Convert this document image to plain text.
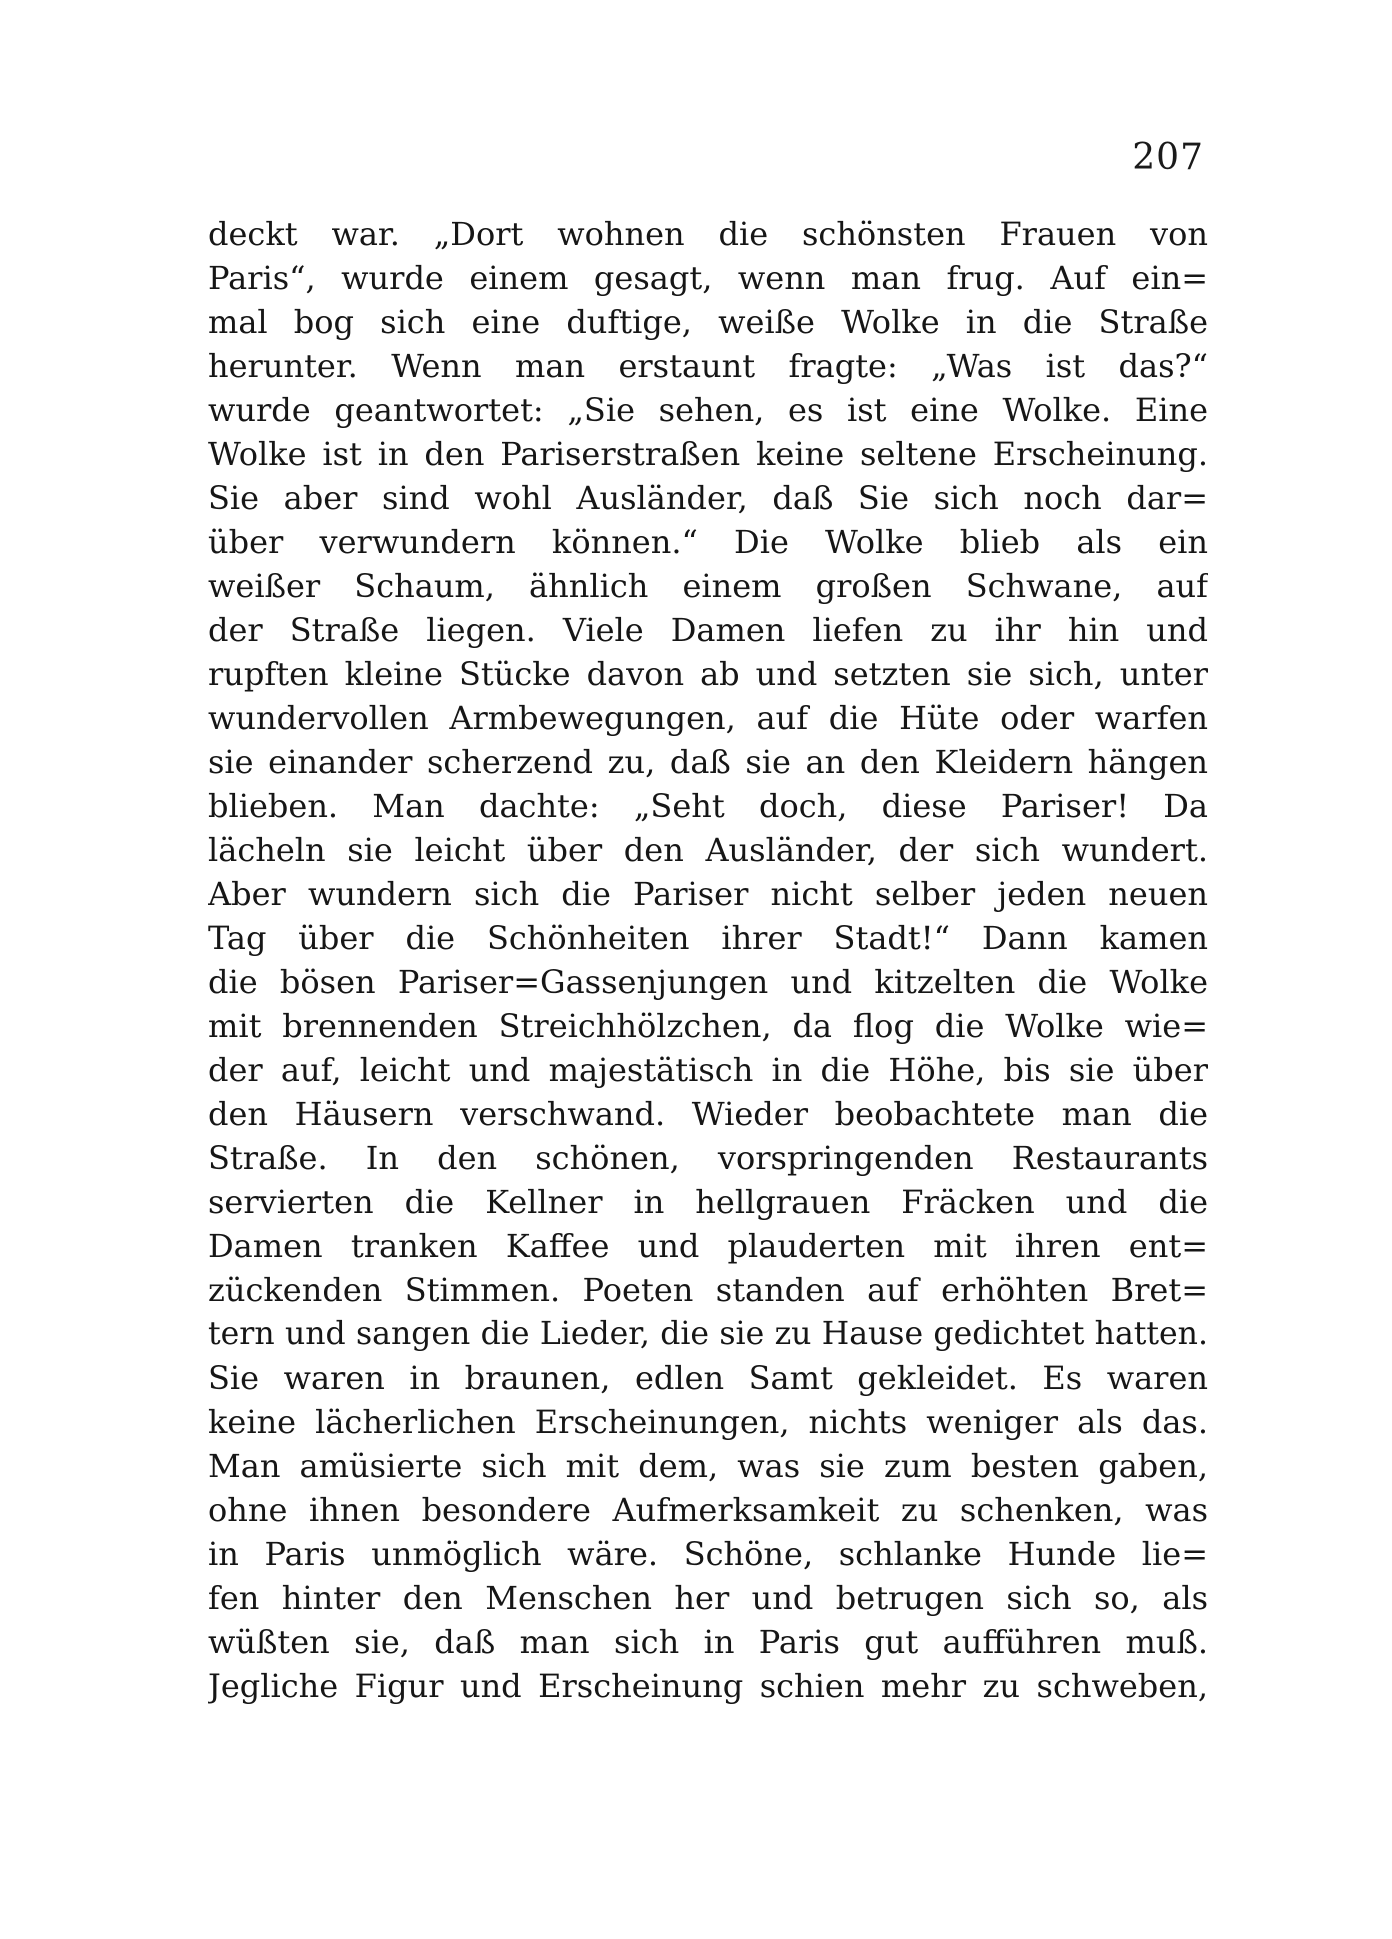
207
deckt war. „Dort wohnen die schönsten Frauen von
Paris“, wurde einem gesagt, wenn man frug. Auf ein=
mal bog sich eine duftige, weiße Wolke in die Straße
herunter. Wenn man erstaunt fragte: „Was ist das?“
wurde geantwortet: „Sie sehen, es ist eine Wolke. Eine
Wolke ist in den Pariserstraßen keine seltene Erscheinung.
Sie aber sind wohl Ausländer, daß Sie sich noch dar=
über verwundern können.“ Die Wolke blieb als ein
weißer Schaum, ähnlich einem großen Schwane, auf
der Straße liegen. Viele Damen liefen zu ihr hin und
rupften kleine Stücke davon ab und setzten sie sich, unter
wundervollen Armbewegungen, auf die Hüte oder warfen
sie einander scherzend zu, daß sie an den Kleidern hängen
blieben. Man dachte: „Seht doch, diese Pariser! Da
lächeln sie leicht über den Ausländer, der sich wundert.
Aber wundern sich die Pariser nicht selber jeden neuen
Tag über die Schönheiten ihrer Stadt!“ Dann kamen
die bösen Pariser=Gassenjungen und kitzelten die Wolke
mit brennenden Streichhölzchen, da flog die Wolke wie=
der auf, leicht und majestätisch in die Höhe, bis sie über
den Häusern verschwand. Wieder beobachtete man die
Straße. In den schönen, vorspringenden Restaurants
servierten die Kellner in hellgrauen Fräcken und die
Damen tranken Kaffee und plauderten mit ihren ent=
zückenden Stimmen. Poeten standen auf erhöhten Bret=
tern und sangen die Lieder, die sie zu Hause gedichtet hatten.
Sie waren in braunen, edlen Samt gekleidet. Es waren
keine lächerlichen Erscheinungen, nichts weniger als das.
Man amüsierte sich mit dem, was sie zum besten gaben,
ohne ihnen besondere Aufmerksamkeit zu schenken, was
in Paris unmöglich wäre. Schöne, schlanke Hunde lie=
fen hinter den Menschen her und betrugen sich so, als
wüßten sie, daß man sich in Paris gut aufführen muß.
Jegliche Figur und Erscheinung schien mehr zu schweben,
